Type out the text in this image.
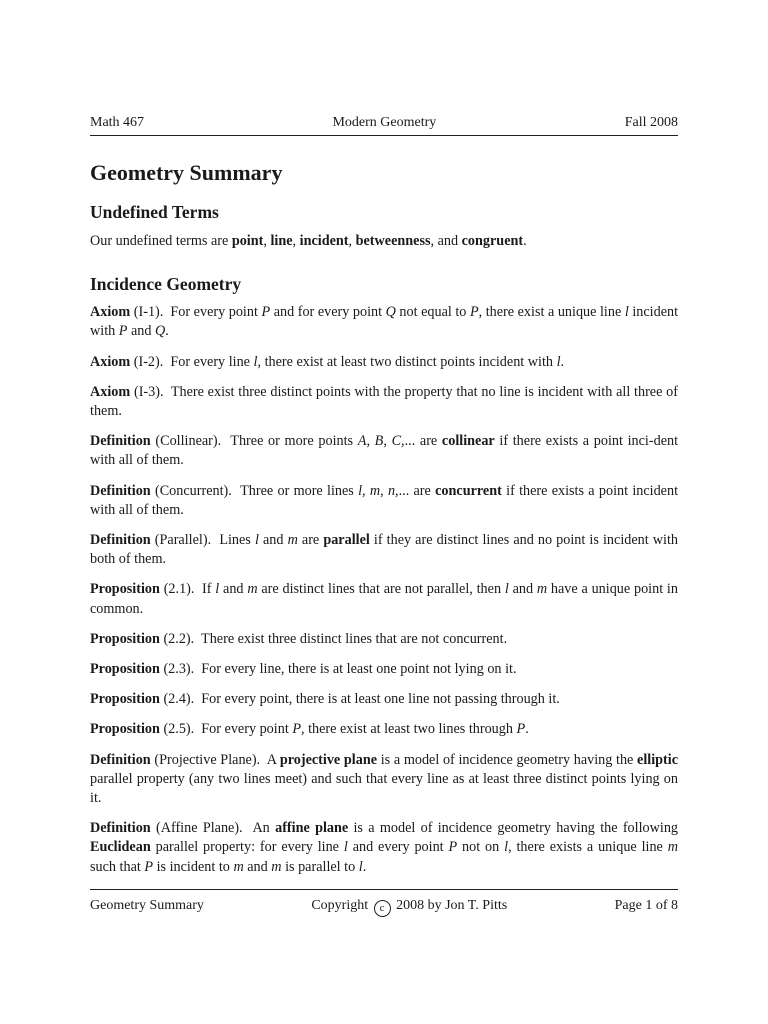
Math 467	Modern Geometry	Fall 2008
Geometry Summary
Undefined Terms

Our undefined terms are point, line, incident, betweenness, and congruent.

Incidence Geometry

Axiom (I-1). For every point P and for every point Q not equal to P, there exist a unique line l incident with P and Q.

Axiom (I-2). For every line l, there exist at least two distinct points incident with l.

Axiom (I-3). There exist three distinct points with the property that no line is incident with all three of them.

Definition (Collinear). Three or more points A, B, C,... are collinear if there exists a point inci-dent with all of them.

Definition (Concurrent). Three or more lines l, m, n,... are concurrent if there exists a point incident with all of them.

Definition (Parallel). Lines l and m are parallel if they are distinct lines and no point is incident with both of them.

Proposition (2.1). If l and m are distinct lines that are not parallel, then l and m have a unique point in common.

Proposition (2.2). There exist three distinct lines that are not concurrent.

Proposition (2.3). For every line, there is at least one point not lying on it.

Proposition (2.4). For every point, there is at least one line not passing through it.

Proposition (2.5). For every point P, there exist at least two lines through P.

Definition (Projective Plane). A projective plane is a model of incidence geometry having the elliptic parallel property (any two lines meet) and such that every line as at least three distinct points lying on it.

Definition (Affine Plane). An affine plane is a model of incidence geometry having the following Euclidean parallel property: for every line l and every point P not on l, there exists a unique line m such that P is incident to m and m is parallel to l.

Geometry Summary	Copyright c 2008 by Jon T. Pitts	Page 1 of 8
